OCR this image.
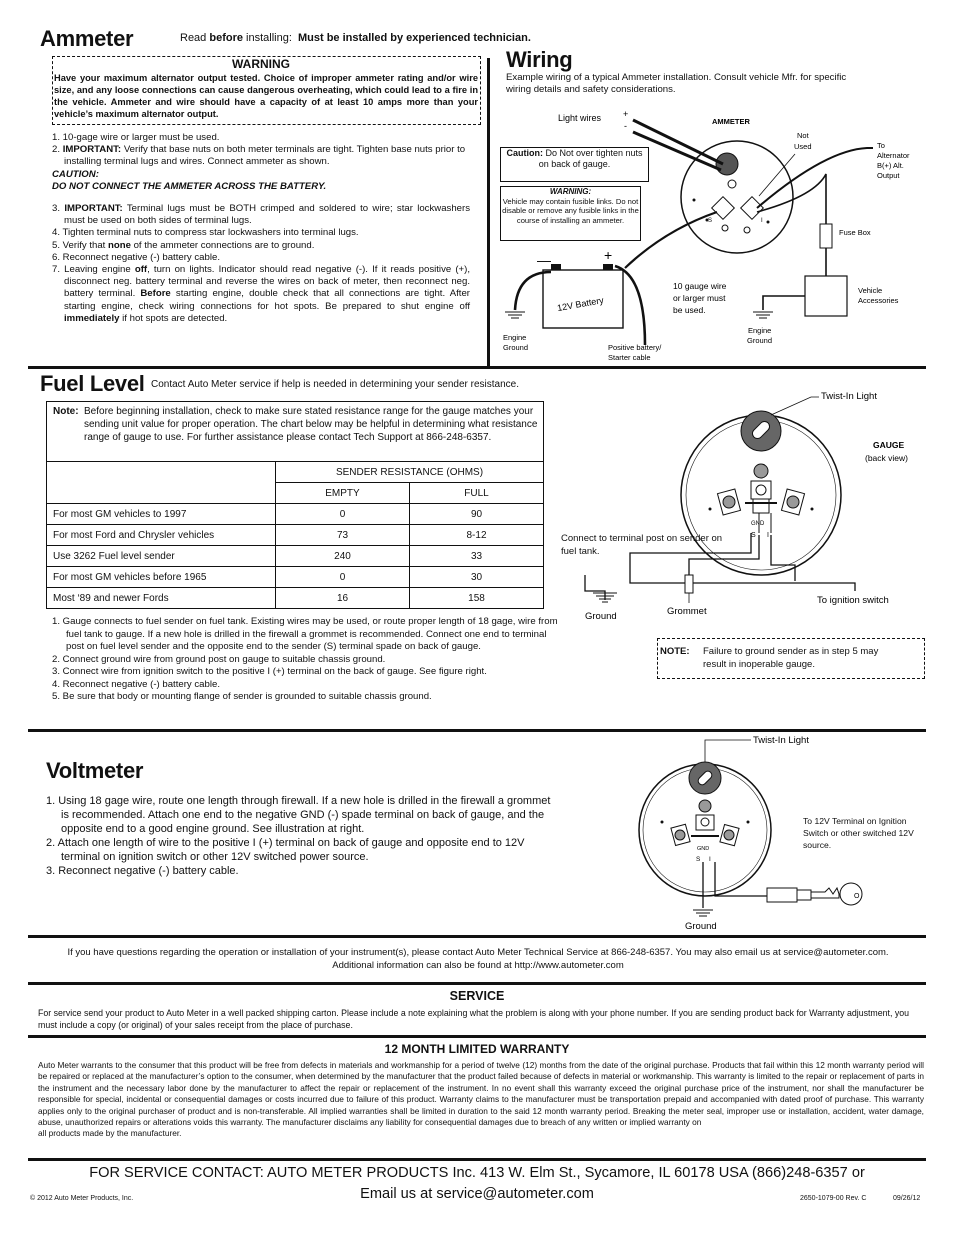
Ammeter	Read before installing: Must be installed by experienced technician.
WARNING
Have your maximum alternator output tested. Choice of improper ammeter rating and/or wire size, and any loose connections can cause dangerous overheating, which could lead to a fire in the vehicle. Ammeter and wire should have a capacity of at least 10 amps more than your vehicle’s maximum alternator output.
1. 10-gage wire or larger must be used.
2. IMPORTANT: Verify that base nuts on both meter terminals are tight. Tighten base nuts prior to installing terminal lugs and wires. Connect ammeter as shown.
CAUTION:
DO NOT CONNECT THE AMMETER ACROSS THE BATTERY.
3. IMPORTANT: Terminal lugs must be BOTH crimped and soldered to wire; star lockwashers must be used on both sides of terminal lugs.
4. Tighten terminal nuts to compress star lockwashers into terminal lugs.
5. Verify that none of the ammeter connections are to ground.
6. Reconnect negative (-) battery cable.
7. Leaving engine off, turn on lights. Indicator should read negative (-). If it reads positive (+), disconnect neg. battery terminal and reverse the wires on back of meter, then reconnect neg. battery terminal. Before starting engine, double check that all connections are tight. After starting engine, check wiring connections for hot spots. Be prepared to shut engine off immediately if hot spots are detected.
Wiring
Example wiring of a typical Ammeter installation. Consult vehicle Mfr. for specific wiring details and safety considerations.
S	I
Light wires +
-	AMMETER
Not Used	To Alternator B(+) Alt. Output
Fuse Box
Vehicle Accessories
Engine Ground
—	+
12V Battery
Engine Ground	Positive battery/ Starter cable
10 gauge wire or larger must be used.
Caution: Do Not over tighten nuts on back of gauge.
WARNING:
Vehicle may contain fusible links. Do not disable or remove any fusible links in the course of installing an ammeter.
Fuel Level Contact Auto Meter service if help is needed in determining your sender resistance.
Note: Before beginning installation, check to make sure stated resistance range for the gauge matches your sending unit value for proper operation. The chart below may be helpful in determining what resistance range of gauge to use. For further assistance please contact Tech Support at 866-248-6357.
	SENDER RESISTANCE (OHMS)	
	EMPTY	FULL
For most GM vehicles to 1997	0	90
For most Ford and Chrysler vehicles	73	8-12
Use 3262 Fuel level sender	240	33
For most GM vehicles before 1965	0	30
Most ‘89 and newer Fords	16	158
1. Gauge connects to fuel sender on fuel tank. Existing wires may be used, or route proper length of 18 gage, wire from fuel tank to gauge. If a new hole is drilled in the firewall a grommet is recommended. Connect one end to terminal post on fuel level sender and the opposite end to the sender (S) terminal spade on back of gauge.
2. Connect ground wire from ground post on gauge to suitable chassis ground.
3. Connect wire from ignition switch to the positive I (+) terminal on the back of gauge. See figure right.
4. Reconnect negative (-) battery cable.
5. Be sure that body or mounting flange of sender is grounded to suitable chassis ground.
Twist-In Light
GAUGE
(back view)
GND
S I
Grommet
Ground
To ignition switch
Connect to terminal post on sender on fuel tank.
NOTE: Failure to ground sender as in step 5 may result in inoperable gauge.
Voltmeter
1. Using 18 gage wire, route one length through firewall. If a new hole is drilled in the firewall a grommet is recommended. Attach one end to the negative GND (-) spade terminal on back of gauge, and the opposite end to a good engine ground. See illustration at right.
2. Attach one length of wire to the positive I (+) terminal on back of gauge and opposite end to 12V terminal on ignition switch or other 12V switched power source.
3. Reconnect negative (-) battery cable.
Twist-In Light
GND
S I
Ground
O
To 12V Terminal on Ignition Switch or other switched 12V source.
If you have questions regarding the operation or installation of your instrument(s), please contact Auto Meter Technical Service at 866-248-6357. You may also email us at service@autometer.com. Additional information can also be found at http://www.autometer.com
SERVICE
For service send your product to Auto Meter in a well packed shipping carton. Please include a note explaining what the problem is along with your phone number. If you are sending product back for Warranty adjustment, you must include a copy (or original) of your sales receipt from the place of purchase.
12 MONTH LIMITED WARRANTY
Auto Meter warrants to the consumer that this product will be free from defects in materials and workmanship for a period of twelve (12) months from the date of the original purchase. Products that fail within this 12 month warranty period will be repaired or replaced at the manufacturer’s option to the consumer, when determined by the manufacturer that the product failed because of defects in material or workmanship. This warranty is limited to the repair or replacement of parts in the instrument and the necessary labor done by the manufacturer to affect the repair or replacement of the instrument. In no event shall this warranty exceed the original purchase price of the instrument, nor shall the manufacturer be responsible for special, incidental or consequential damages or costs incurred due to failure of this product. Warranty claims to the manufacturer must be transportation prepaid and accompanied with dated proof of purchase. This warranty applies only to the original purchaser of product and is non-transferable. All implied warranties shall be limited in duration to the said 12 month warranty period. Breaking the meter seal, improper use or installation, accident, water damage, abuse, unauthorized repairs or alterations voids this warranty. The manufacturer disclaims any liability for consequential damages due to breach of any written or implied warranty on
all products made by the manufacturer.
FOR SERVICE CONTACT: AUTO METER PRODUCTS Inc. 413 W. Elm St., Sycamore, IL 60178 USA (866)248-6357 or
Email us at service@autometer.com
© 2012 Auto Meter Products, Inc.	2650-1079-00 Rev. C	09/26/12
